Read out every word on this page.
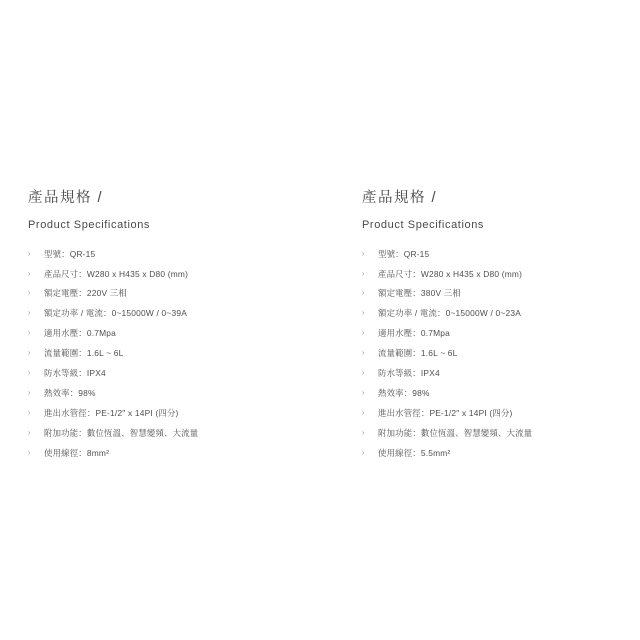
產品規格 /
Product Specifications
›	型號：QR-15
›	產品尺寸：W280 x H435 x D80 (mm)
›	額定電壓：220V 三相
›	額定功率 / 電流：0~15000W / 0~39A
›	適用水壓：0.7Mpa
›	流量範圍：1.6L ~ 6L
›	防水等級：IPX4
›	熱效率：98%
›	進出水管徑：PE-1/2" x 14PI (四分)
›	附加功能：數位恆溫、智慧變頻、大流量
›	使用線徑：8mm²
產品規格 /
Product Specifications
›	型號：QR-15
›	產品尺寸：W280 x H435 x D80 (mm)
›	額定電壓：380V 三相
›	額定功率 / 電流：0~15000W / 0~23A
›	適用水壓：0.7Mpa
›	流量範圍：1.6L ~ 6L
›	防水等級：IPX4
›	熱效率：98%
›	進出水管徑：PE-1/2" x 14PI (四分)
›	附加功能：數位恆溫、智慧變頻、大流量
›	使用線徑：5.5mm²
